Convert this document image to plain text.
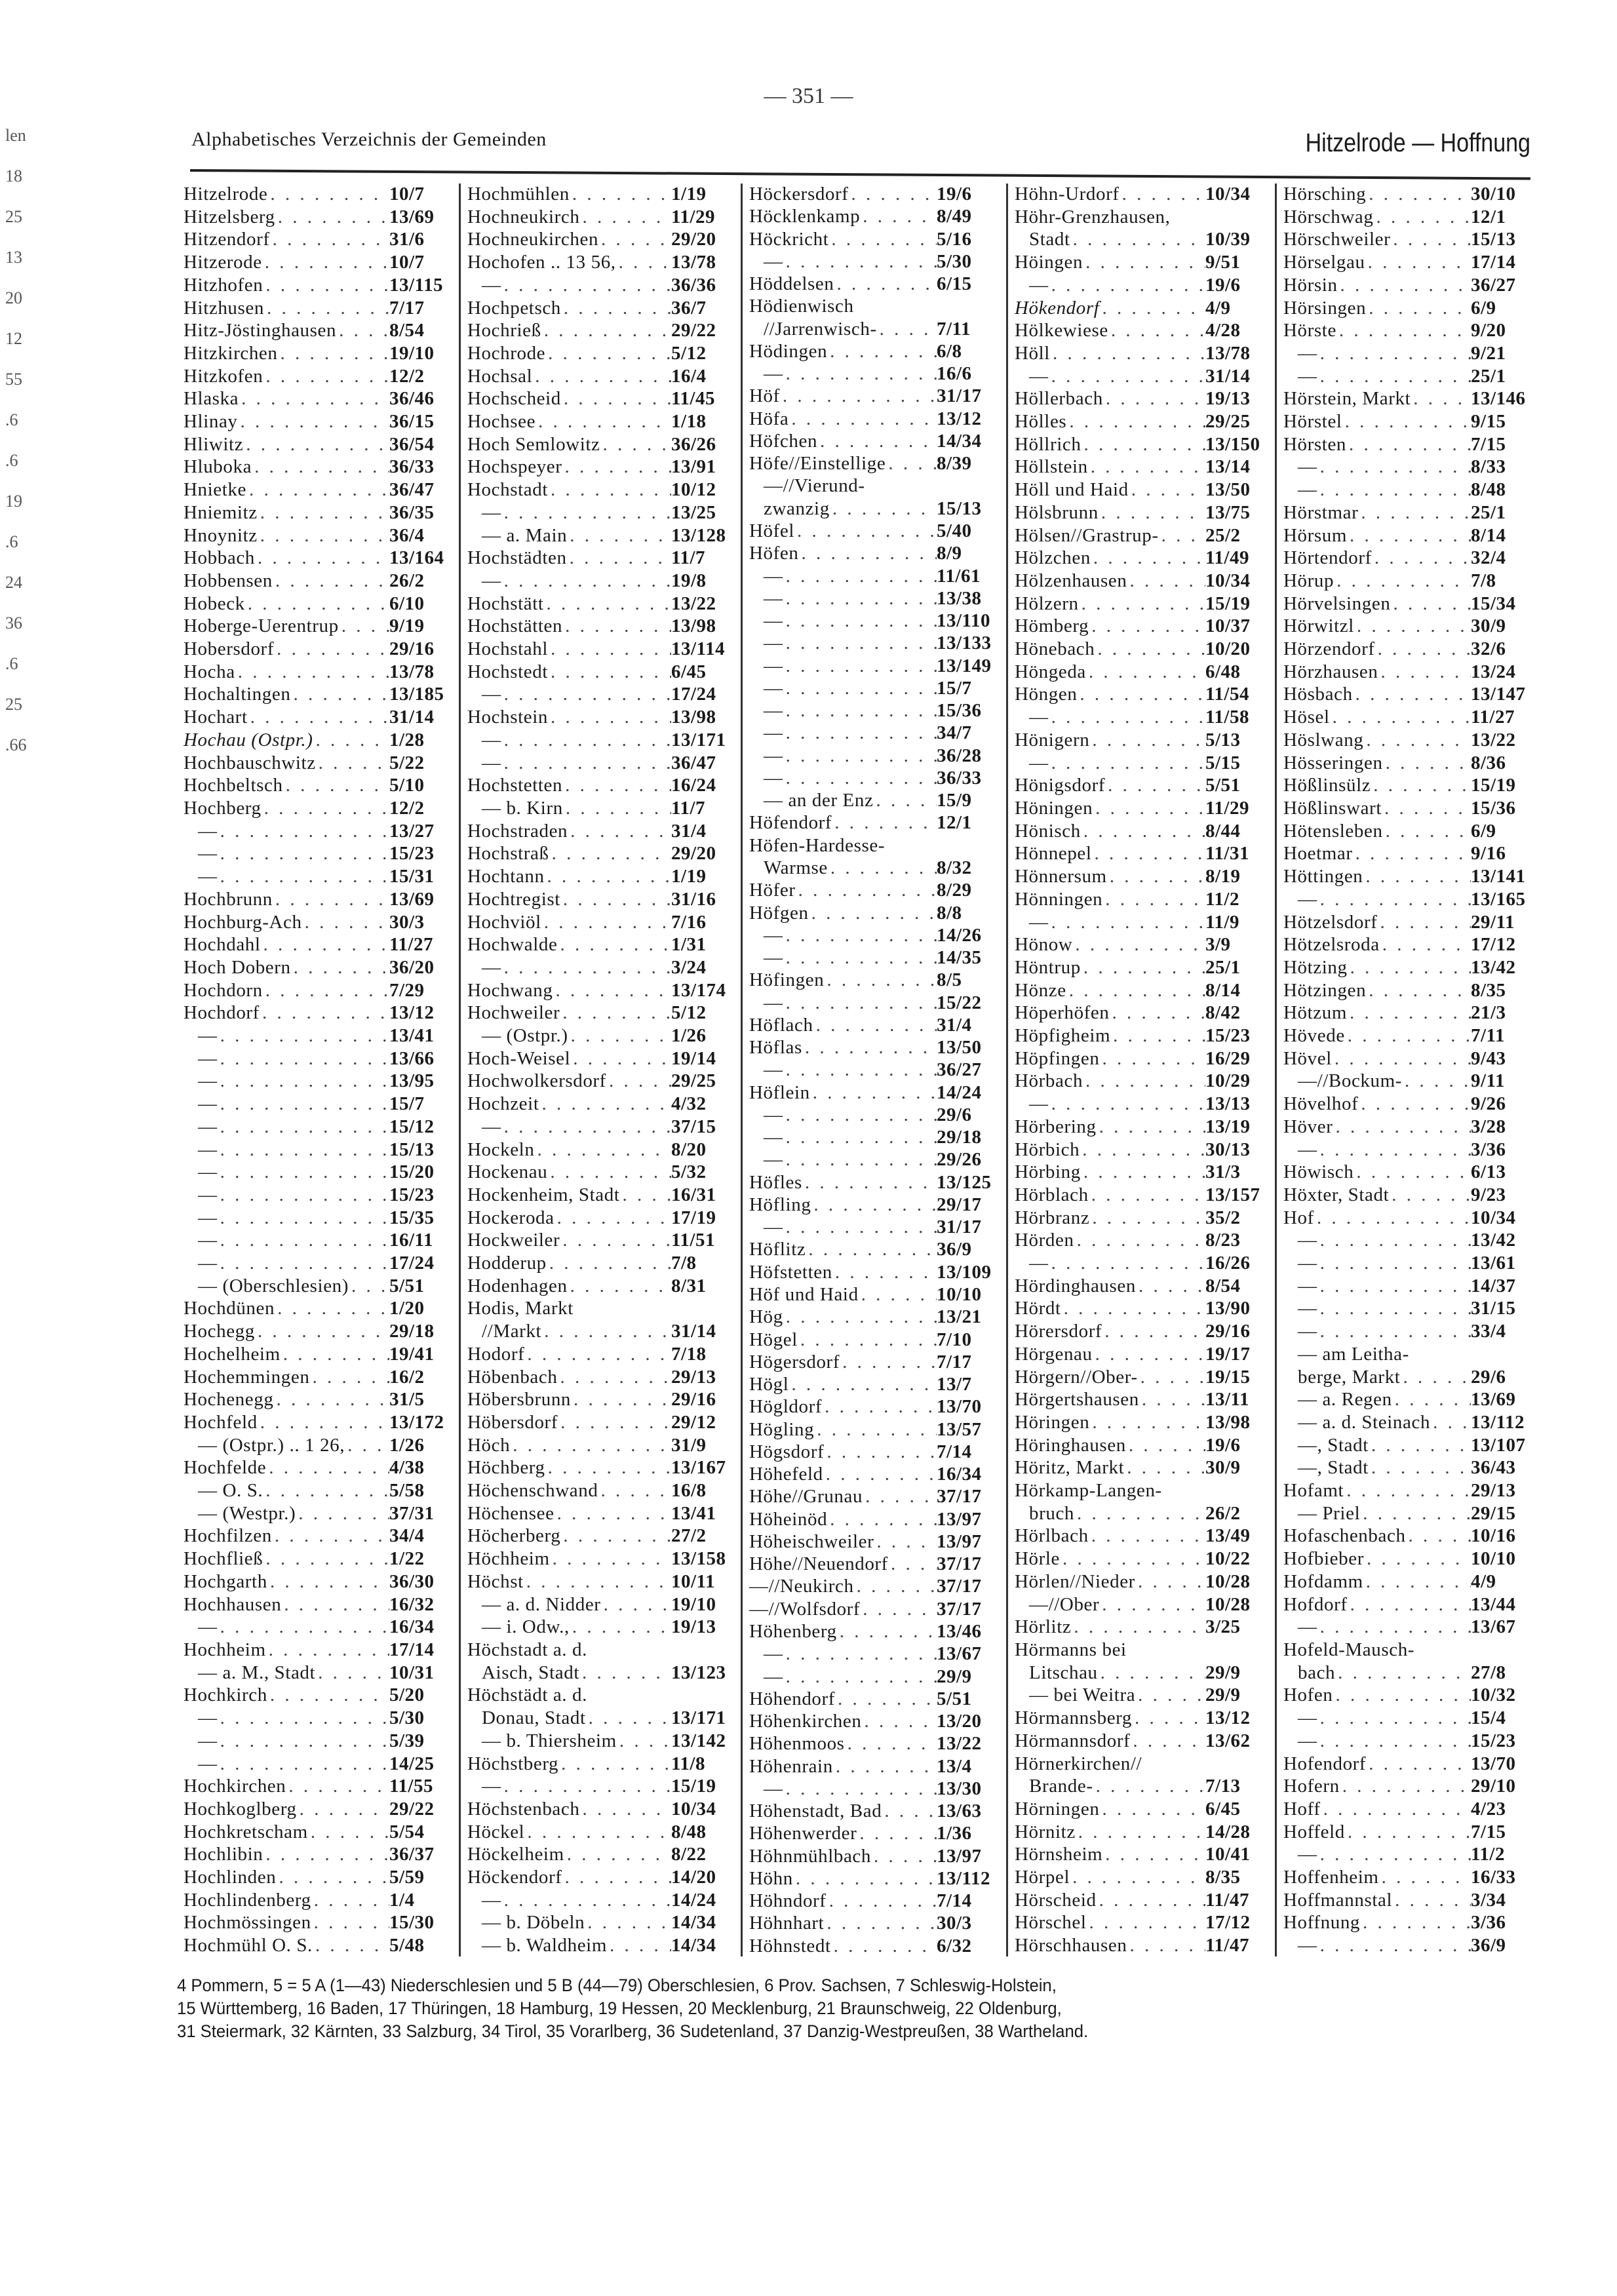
— 351 —
Alphabetisches Verzeichnis der Gemeinden	Hitzelrode — Hoffnung
len
18
25
13
20
12
55
.6
.6
19
.6
24
36
.6
25
.66
Hitzelrode . . .	10/7
Hitzelsberg . . .	13/69
Hitzendorf . . .	31/6
Hitzerode . . .	10/7
Hitzhofen . . .	13/115
Hitzhusen . . .	7/17
Hitz-Jöstinghausen . . .	8/54
Hitzkirchen . . .	19/10
Hitzkofen . . .	12/2
Hlaska . . .	36/46
Hlinay . . .	36/15
Hliwitz . . .	36/54
Hluboka . . .	36/33
Hnietke . . .	36/47
Hniemitz . . .	36/35
Hnoynitz . . .	36/4
Hobbach . . .	13/164
Hobbensen . . .	26/2
Hobeck . . .	6/10
Hoberge-Uerentrup . . .	9/19
Hobersdorf . . .	29/16
Hocha . . .	13/78
Hochaltingen . . .	13/185
Hochart . . .	31/14
Hochau (Ostpr.) . . .	1/28
Hochbauschwitz . . .	5/22
Hochbeltsch . . .	5/10
Hochberg . . .	12/2
— . . .	13/27
— . . .	15/23
— . . .	15/31
Hochbrunn . . .	13/69
Hochburg-Ach . . .	30/3
Hochdahl . . .	11/27
Hoch Dobern . . .	36/20
Hochdorn . . .	7/29
Hochdorf . . .	13/12
— . . .	13/41
— . . .	13/66
— . . .	13/95
— . . .	15/7
— . . .	15/12
— . . .	15/13
— . . .	15/20
— . . .	15/23
— . . .	15/35
— . . .	16/11
— . . .	17/24
— (Oberschlesien) . . . 5/51
Hochdünen . . .	1/20
Hochegg . . .	29/18
Hochelheim . . .	19/41
Hochemmingen . . .	16/2
Hochenegg . . .	31/5
Hochfeld . . .	13/172
— (Ostpr.) .. 1 26, . . . 1/26
Hochfelde . . .	4/38
— O. S. . . .	5/58
— (Westpr.) . . .	37/31
Hochfilzen . . .	34/4
Hochfließ . . .	1/22
Hochgarth . . .	36/30
Hochhausen . . .	16/32
— . . .	16/34
Hochheim . . .	17/14
— a. M., Stadt . . .	10/31
Hochkirch . . .	5/20
— . . .	5/30
— . . .	5/39
— . . .	14/25
Hochkirchen . . .	11/55
Hochkoglberg . . .	29/22
Hochkretscham . . .	5/54
Hochlibin . . .	36/37
Hochlinden . . .	5/59
Hochlindenberg . . .	1/4
Hochmössingen . . .	15/30
Hochmühl O. S. . . .	5/48
Hochmühlen . . .	1/19
Hochneukirch . . .	11/29
Hochneukirchen . . .	29/20
Hochofen .. 13 56, . . .	13/78
— . . .	36/36
Hochpetsch . . .	36/7
Hochrieß . . .	29/22
Hochrode . . .	5/12
Hochsal . . .	16/4
Hochscheid . . .	11/45
Hochsee . . .	1/18
Hoch Semlowitz . . .	36/26
Hochspeyer . . .	13/91
Hochstadt . . .	10/12
— . . .	13/25
— a. Main . . .	13/128
Hochstädten . . .	11/7
— . . .	19/8
Hochstätt . . .	13/22
Hochstätten . . .	13/98
Hochstahl . . .	13/114
Hochstedt . . .	6/45
— . . .	17/24
Hochstein . . .	13/98
— . . .	13/171
— . . .	36/47
Hochstetten . . .	16/24
— b. Kirn . . .	11/7
Hochstraden . . .	31/4
Hochstraß . . .	29/20
Hochtann . . .	1/19
Hochtregist . . .	31/16
Hochviöl . . .	7/16
Hochwalde . . .	1/31
— . . .	3/24
Hochwang . . .	13/174
Hochweiler . . .	5/12
— (Ostpr.) . . .	1/26
Hoch-Weisel . . .	19/14
Hochwolkersdorf . . .	29/25
Hochzeit . . .	4/32
— . . .	37/15
Hockeln . . .	8/20
Hockenau . . .	5/32
Hockenheim, Stadt . . .	16/31
Hockeroda . . .	17/19
Hockweiler . . .	11/51
Hodderup . . .	7/8
Hodenhagen . . .	8/31
Hodis, Markt
//Markt . . .	31/14
Hodorf . . .	7/18
Höbenbach . . .	29/13
Höbersbrunn . . .	29/16
Höbersdorf . . .	29/12
Höch . . .	31/9
Höchberg . . .	13/167
Höchenschwand . . .	16/8
Höchensee . . .	13/41
Höcherberg . . .	27/2
Höchheim . . .	13/158
Höchst . . .	10/11
— a. d. Nidder . . .	19/10
— i. Odw., . . .	19/13
Höchstadt a. d.
Aisch, Stadt . . .	13/123
Höchstädt a. d.
Donau, Stadt . . .	13/171
— b. Thiersheim . . .	13/142
Höchstberg . . .	11/8
— . . .	15/19
Höchstenbach . . .	10/34
Höckel . . .	8/48
Höckelheim . . .	8/22
Höckendorf . . .	14/20
— . . .	14/24
— b. Döbeln . . .	14/34
— b. Waldheim . . .	14/34
Höckersdorf . . .	19/6
Höcklenkamp . . .	8/49
Höckricht . . .	5/16
— . . .	5/30
Höddelsen . . .	6/15
Hödienwisch
//Jarrenwisch- . . .	7/11
Hödingen . . .	6/8
— . . .	16/6
Höf . . .	31/17
Höfa . . .	13/12
Höfchen . . .	14/34
Höfe//Einstellige . . .	8/39
—//Vierund-
zwanzig . . .	15/13
Höfel . . .	5/40
Höfen . . .	8/9
— . . .	11/61
— . . .	13/38
— . . .	13/110
— . . .	13/133
— . . .	13/149
— . . .	15/7
— . . .	15/36
— . . .	34/7
— . . .	36/28
— . . .	36/33
— an der Enz . . .	15/9
Höfendorf . . .	12/1
Höfen-Hardesse-
Warmse . . .	8/32
Höfer . . .	8/29
Höfgen . . .	8/8
— . . .	14/26
— . . .	14/35
Höfingen . . .	8/5
— . . .	15/22
Höflach . . .	31/4
Höflas . . .	13/50
— . . .	36/27
Höflein . . .	14/24
— . . .	29/6
— . . .	29/18
— . . .	29/26
Höfles . . .	13/125
Höfling . . .	29/17
— . . .	31/17
Höflitz . . .	36/9
Höfstetten . . .	13/109
Höf und Haid . . .	10/10
Hög . . .	13/21
Högel . . .	7/10
Högersdorf . . .	7/17
Högl . . .	13/7
Högldorf . . .	13/70
Högling . . .	13/57
Högsdorf . . .	7/14
Höhefeld . . .	16/34
Höhe//Grunau . . .	37/17
Höheinöd . . .	13/97
Höheischweiler . . .	13/97
Höhe//Neuendorf . . .	37/17
—//Neukirch . . .	37/17
—//Wolfsdorf . . .	37/17
Höhenberg . . .	13/46
— . . .	13/67
— . . .	29/9
Höhendorf . . .	5/51
Höhenkirchen . . .	13/20
Höhenmoos . . .	13/22
Höhenrain . . .	13/4
— . . .	13/30
Höhenstadt, Bad . . .	13/63
Höhenwerder . . .	1/36
Höhnmühlbach . . .	13/97
Höhn . . .	13/112
Höhndorf . . .	7/14
Höhnhart . . .	30/3
Höhnstedt . . .	6/32
Höhn-Urdorf . . .	10/34
Höhr-Grenzhausen,
Stadt . . .	10/39
Höingen . . .	9/51
— . . .	19/6
Hökendorf . . .	4/9
Hölkewiese . . .	4/28
Höll . . .	13/78
— . . .	31/14
Höllerbach . . .	19/13
Hölles . . .	29/25
Höllrich . . .	13/150
Höllstein . . .	13/14
Höll und Haid . . .	13/50
Hölsbrunn . . .	13/75
Hölsen//Grastrup- . . . 25/2
Hölzchen . . .	11/49
Hölzenhausen . . .	10/34
Hölzern . . .	15/19
Hömberg . . .	10/37
Hönebach . . .	10/20
Höngeda . . .	6/48
Höngen . . .	11/54
— . . .	11/58
Hönigern . . .	5/13
— . . .	5/15
Hönigsdorf . . .	5/51
Höningen . . .	11/29
Hönisch . . .	8/44
Hönnepel . . .	11/31
Hönnersum . . .	8/19
Hönningen . . .	11/2
— . . .	11/9
Hönow . . .	3/9
Höntrup . . .	25/1
Hönze . . .	8/14
Höperhöfen . . .	8/42
Höpfigheim . . .	15/23
Höpfingen . . .	16/29
Hörbach . . .	10/29
— . . .	13/13
Hörbering . . .	13/19
Hörbich . . .	30/13
Hörbing . . .	31/3
Hörblach . . .	13/157
Hörbranz . . .	35/2
Hörden . . .	8/23
— . . .	16/26
Hördinghausen . . .	8/54
Hördt . . .	13/90
Hörersdorf . . .	29/16
Hörgenau . . .	19/17
Hörgern//Ober- . . .	19/15
Hörgertshausen . . .	13/11
Höringen . . .	13/98
Höringhausen . . .	19/6
Höritz, Markt . . .	30/9
Hörkamp-Langen-
bruch . . .	26/2
Hörlbach . . .	13/49
Hörle . . .	10/22
Hörlen//Nieder . . .	10/28
—//Ober . . .	10/28
Hörlitz . . .	3/25
Hörmanns bei
Litschau . . .	29/9
— bei Weitra . . .	29/9
Hörmannsberg . . .	13/12
Hörmannsdorf . . .	13/62
Hörnerkirchen//
Brande- . . .	7/13
Hörningen . . .	6/45
Hörnitz . . .	14/28
Hörnsheim . . .	10/41
Hörpel . . .	8/35
Hörscheid . . .	11/47
Hörschel . . .	17/12
Hörschhausen . . .	11/47
Hörsching . . .	30/10
Hörschwag . . .	12/1
Hörschweiler . . .	15/13
Hörselgau . . .	17/14
Hörsin . . .	36/27
Hörsingen . . .	6/9
Hörste . . .	9/20
— . . .	9/21
— . . .	25/1
Hörstein, Markt . . .	13/146
Hörstel . . .	9/15
Hörsten . . .	7/15
— . . .	8/33
— . . .	8/48
Hörstmar . . .	25/1
Hörsum . . .	8/14
Hörtendorf . . .	32/4
Hörup . . .	7/8
Hörvelsingen . . .	15/34
Hörwitzl . . .	30/9
Hörzendorf . . .	32/6
Hörzhausen . . .	13/24
Hösbach . . .	13/147
Hösel . . .	11/27
Höslwang . . .	13/22
Hösseringen . . .	8/36
Hößlinsülz . . .	15/19
Hößlinswart . . .	15/36
Hötensleben . . .	6/9
Hoetmar . . .	9/16
Höttingen . . .	13/141
— . . .	13/165
Hötzelsdorf . . .	29/11
Hötzelsroda . . .	17/12
Hötzing . . .	13/42
Hötzingen . . .	8/35
Hötzum . . .	21/3
Hövede . . .	7/11
Hövel . . .	9/43
—//Bockum- . . .	9/11
Hövelhof . . .	9/26
Höver . . .	3/28
— . . .	3/36
Höwisch . . .	6/13
Höxter, Stadt . . .	9/23
Hof . . .	10/34
— . . .	13/42
— . . .	13/61
— . . .	14/37
— . . .	31/15
— . . .	33/4
— am Leitha-
berge, Markt . . .	29/6
— a. Regen . . .	13/69
— a. d. Steinach . . . 13/112
—, Stadt . . .	13/107
—, Stadt . . .	36/43
Hofamt . . .	29/13
— Priel . . .	29/15
Hofaschenbach . . .	10/16
Hofbieber . . .	10/10
Hofdamm . . .	4/9
Hofdorf . . .	13/44
— . . .	13/67
Hofeld-Mausch-
bach . . .	27/8
Hofen . . .	10/32
— . . .	15/4
— . . .	15/23
Hofendorf . . .	13/70
Hofern . . .	29/10
Hoff . . .	4/23
Hoffeld . . .	7/15
— . . .	11/2
Hoffenheim . . .	16/33
Hoffmannstal . . .	3/34
Hoffnung . . .	3/36
— . . .	36/9
4 Pommern, 5 = 5 A (1—43) Niederschlesien und 5 B (44—79) Oberschlesien, 6 Prov. Sachsen, 7 Schleswig-Holstein,
15 Württemberg, 16 Baden, 17 Thüringen, 18 Hamburg, 19 Hessen, 20 Mecklenburg, 21 Braunschweig, 22 Oldenburg,
31 Steiermark, 32 Kärnten, 33 Salzburg, 34 Tirol, 35 Vorarlberg, 36 Sudetenland, 37 Danzig-Westpreußen, 38 Wartheland.
